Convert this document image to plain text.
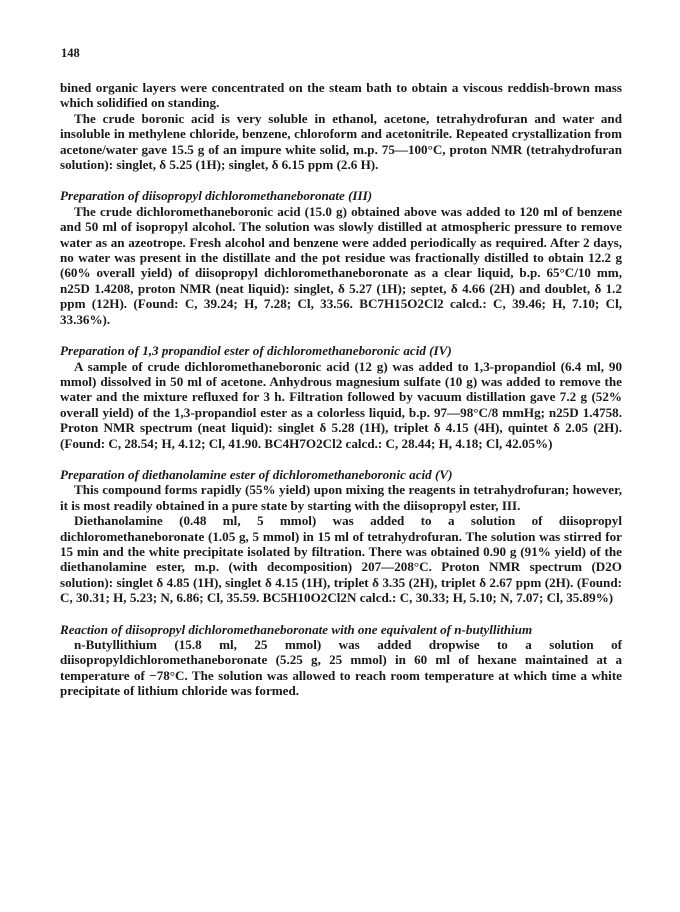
148

bined organic layers were concentrated on the steam bath to obtain a viscous reddish-brown mass which solidified on standing.

The crude boronic acid is very soluble in ethanol, acetone, tetrahydrofuran and water and insoluble in methylene chloride, benzene, chloroform and acetonitrile. Repeated crystallization from acetone/water gave 15.5 g of an impure white solid, m.p. 75—100°C, proton NMR (tetrahydrofuran solution): singlet, δ 5.25 (1H); singlet, δ 6.15 ppm (2.6 H).

Preparation of diisopropyl dichloromethaneboronate (III)

The crude dichloromethaneboronic acid (15.0 g) obtained above was added to 120 ml of benzene and 50 ml of isopropyl alcohol. The solution was slowly distilled at atmospheric pressure to remove water as an azeotrope. Fresh alcohol and benzene were added periodically as required. After 2 days, no water was present in the distillate and the pot residue was fractionally distilled to obtain 12.2 g (60% overall yield) of diisopropyl dichloromethaneboronate as a clear liquid, b.p. 65°C/10 mm, n25D 1.4208, proton NMR (neat liquid): singlet, δ 5.27 (1H); septet, δ 4.66 (2H) and doublet, δ 1.2 ppm (12H). (Found: C, 39.24; H, 7.28; Cl, 33.56. BC7H15O2Cl2 calcd.: C, 39.46; H, 7.10; Cl, 33.36%).

Preparation of 1,3 propandiol ester of dichloromethaneboronic acid (IV)

A sample of crude dichloromethaneboronic acid (12 g) was added to 1,3-propandiol (6.4 ml, 90 mmol) dissolved in 50 ml of acetone. Anhydrous magnesium sulfate (10 g) was added to remove the water and the mixture refluxed for 3 h. Filtration followed by vacuum distillation gave 7.2 g (52% overall yield) of the 1,3-propandiol ester as a colorless liquid, b.p. 97—98°C/8 mmHg; n25D 1.4758. Proton NMR spectrum (neat liquid): singlet δ 5.28 (1H), triplet δ 4.15 (4H), quintet δ 2.05 (2H). (Found: C, 28.54; H, 4.12; Cl, 41.90. BC4H7O2Cl2 calcd.: C, 28.44; H, 4.18; Cl, 42.05%)

Preparation of diethanolamine ester of dichloromethaneboronic acid (V)

This compound forms rapidly (55% yield) upon mixing the reagents in tetrahydrofuran; however, it is most readily obtained in a pure state by starting with the diisopropyl ester, III.

Diethanolamine (0.48 ml, 5 mmol) was added to a solution of diisopropyl dichloromethaneboronate (1.05 g, 5 mmol) in 15 ml of tetrahydrofuran. The solution was stirred for 15 min and the white precipitate isolated by filtration. There was obtained 0.90 g (91% yield) of the diethanolamine ester, m.p. (with decomposition) 207—208°C. Proton NMR spectrum (D2O solution): singlet δ 4.85 (1H), singlet δ 4.15 (1H), triplet δ 3.35 (2H), triplet δ 2.67 ppm (2H). (Found: C, 30.31; H, 5.23; N, 6.86; Cl, 35.59. BC5H10O2Cl2N calcd.: C, 30.33; H, 5.10; N, 7.07; Cl, 35.89%)

Reaction of diisopropyl dichloromethaneboronate with one equivalent of n-butyllithium

n-Butyllithium (15.8 ml, 25 mmol) was added dropwise to a solution of diisopropyldichloromethaneboronate (5.25 g, 25 mmol) in 60 ml of hexane maintained at a temperature of −78°C. The solution was allowed to reach room temperature at which time a white precipitate of lithium chloride was formed.
